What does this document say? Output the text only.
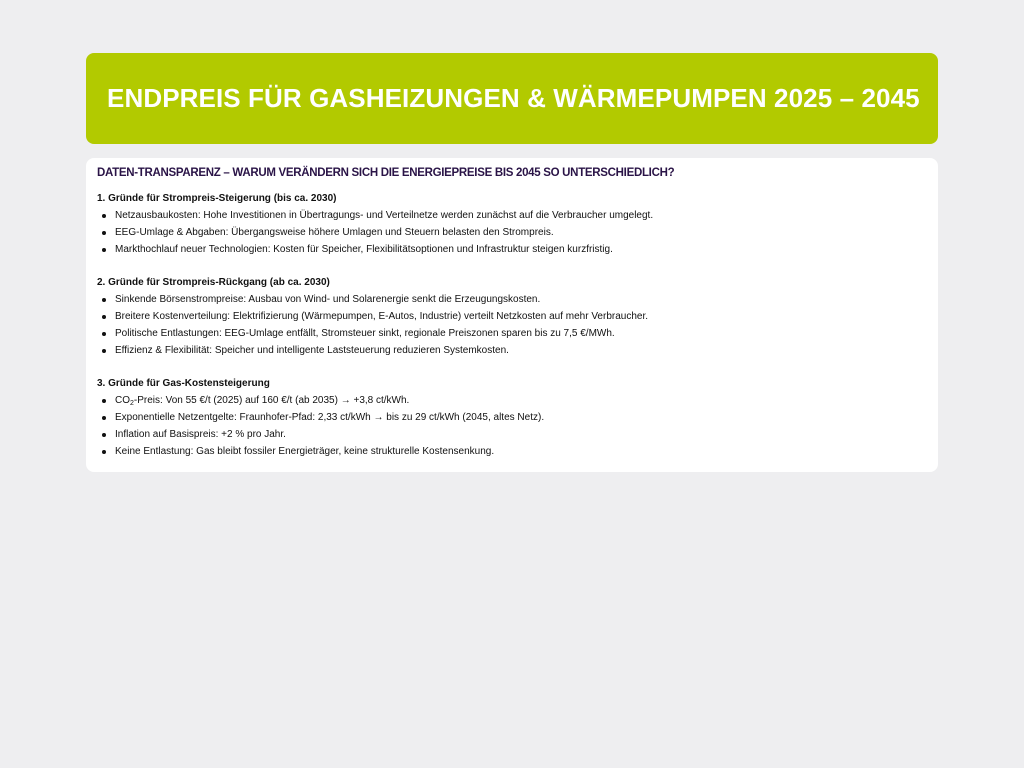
ENDPREIS FÜR GASHEIZUNGEN & WÄRMEPUMPEN 2025 – 2045
DATEN-TRANSPARENZ – WARUM VERÄNDERN SICH DIE ENERGIEPREISE BIS 2045 SO UNTERSCHIEDLICH?

1. Gründe für Strompreis-Steigerung (bis ca. 2030)

Netzausbaukosten: Hohe Investitionen in Übertragungs- und Verteilnetze werden zunächst auf die Verbraucher umgelegt.
EEG-Umlage & Abgaben: Übergangsweise höhere Umlagen und Steuern belasten den Strompreis.
Markthochlauf neuer Technologien: Kosten für Speicher, Flexibilitätsoptionen und Infrastruktur steigen kurzfristig.

2. Gründe für Strompreis-Rückgang (ab ca. 2030)

Sinkende Börsenstrompreise: Ausbau von Wind- und Solarenergie senkt die Erzeugungskosten.
Breitere Kostenverteilung: Elektrifizierung (Wärmepumpen, E-Autos, Industrie) verteilt Netzkosten auf mehr Verbraucher.
Politische Entlastungen: EEG-Umlage entfällt, Stromsteuer sinkt, regionale Preiszonen sparen bis zu 7,5 €/MWh.
Effizienz & Flexibilität: Speicher und intelligente Laststeuerung reduzieren Systemkosten.

3. Gründe für Gas-Kostensteigerung

$CO_2$-Preis: Von 55 €/t (2025) auf 160 €/t (ab 2035) → +3,8 ct/kWh.
Exponentielle Netzentgelte: Fraunhofer-Pfad: 2,33 ct/kWh → bis zu 29 ct/kWh (2045, altes Netz).
Inflation auf Basispreis: +2 % pro Jahr.
Keine Entlastung: Gas bleibt fossiler Energieträger, keine strukturelle Kostensenkung.
